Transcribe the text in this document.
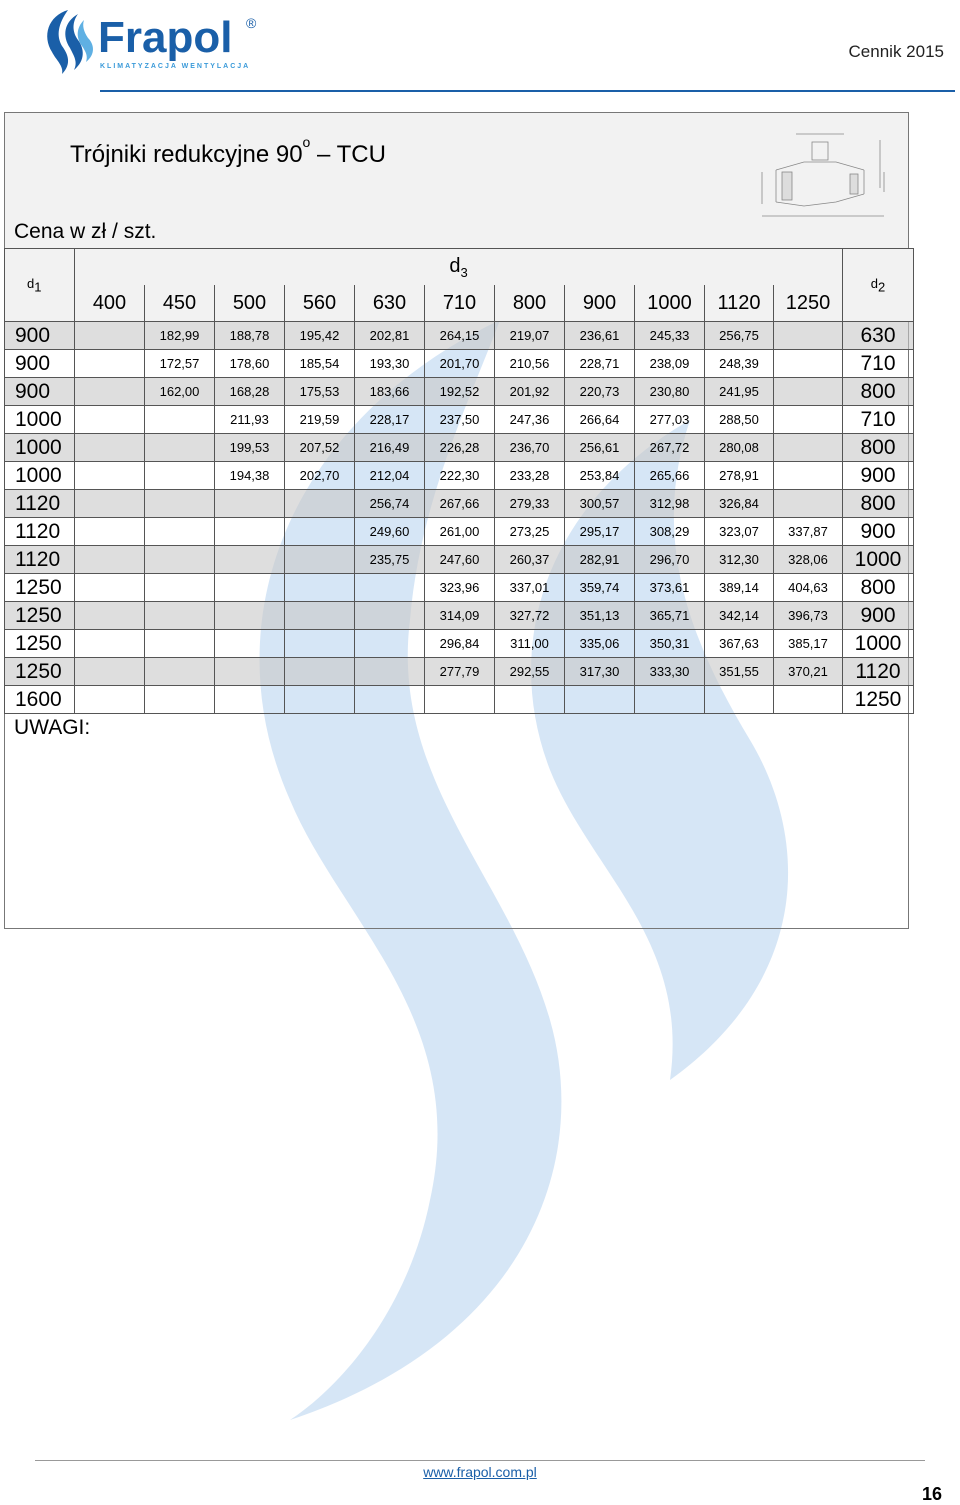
Frapol ®
KLIMATYZACJA WENTYLACJA
Cennik 2015
Trójniki redukcyjne 90$^o$ – TCU
Cena w zł / szt.
$d_1$	$d_3$											$d_2$
	400	450	500	560	630	710	800	900	1000	1120	1250	
900		182,99	188,78	195,42	202,81	264,15	219,07	236,61	245,33	256,75		630
900		172,57	178,60	185,54	193,30	201,70	210,56	228,71	238,09	248,39		710
900		162,00	168,28	175,53	183,66	192,52	201,92	220,73	230,80	241,95		800
1000			211,93	219,59	228,17	237,50	247,36	266,64	277,03	288,50		710
1000			199,53	207,52	216,49	226,28	236,70	256,61	267,72	280,08		800
1000			194,38	202,70	212,04	222,30	233,28	253,84	265,66	278,91		900
1120					256,74	267,66	279,33	300,57	312,98	326,84		800
1120					249,60	261,00	273,25	295,17	308,29	323,07	337,87	900
1120					235,75	247,60	260,37	282,91	296,70	312,30	328,06	1000
1250						323,96	337,01	359,74	373,61	389,14	404,63	800
1250						314,09	327,72	351,13	365,71	342,14	396,73	900
1250						296,84	311,00	335,06	350,31	367,63	385,17	1000
1250						277,79	292,55	317,30	333,30	351,55	370,21	1120
1600												1250
UWAGI:
www.frapol.com.pl
16
